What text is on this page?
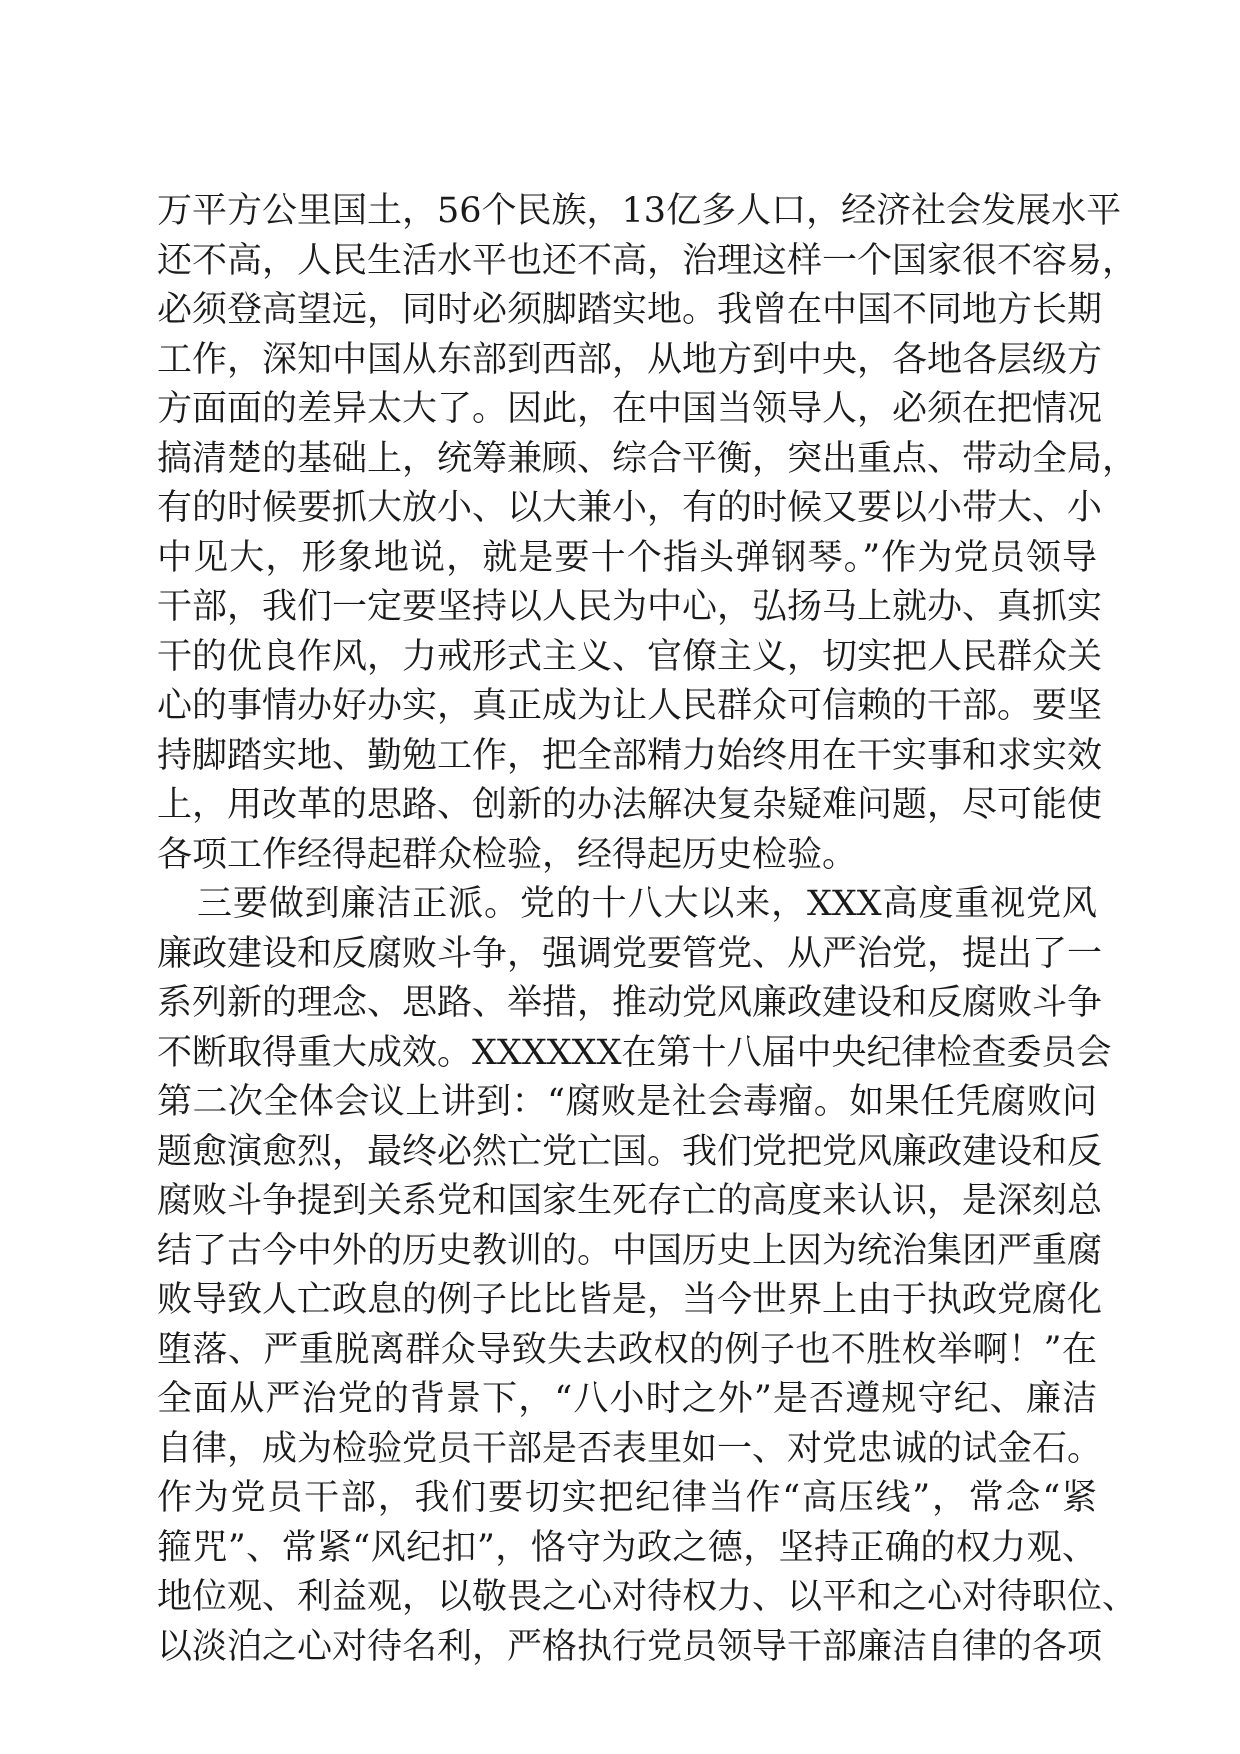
万平方公里国土，56个民族，13亿多人口，经济社会发展水平
还不高，人民生活水平也还不高，治理这样一个国家很不容易，
必须登高望远，同时必须脚踏实地。我曾在中国不同地方长期
工作，深知中国从东部到西部，从地方到中央，各地各层级方
方面面的差异太大了。因此，在中国当领导人，必须在把情况
搞清楚的基础上，统筹兼顾、综合平衡，突出重点、带动全局，
有的时候要抓大放小、以大兼小，有的时候又要以小带大、小
中见大，形象地说，就是要十个指头弹钢琴。”作为党员领导
干部，我们一定要坚持以人民为中心，弘扬马上就办、真抓实
干的优良作风，力戒形式主义、官僚主义，切实把人民群众关
心的事情办好办实，真正成为让人民群众可信赖的干部。要坚
持脚踏实地、勤勉工作，把全部精力始终用在干实事和求实效
上，用改革的思路、创新的办法解决复杂疑难问题，尽可能使
各项工作经得起群众检验，经得起历史检验。
三要做到廉洁正派。党的十八大以来，XXX高度重视党风
廉政建设和反腐败斗争，强调党要管党、从严治党，提出了一
系列新的理念、思路、举措，推动党风廉政建设和反腐败斗争
不断取得重大成效。XXXXXX在第十八届中央纪律检查委员会
第二次全体会议上讲到：“腐败是社会毒瘤。如果任凭腐败问
题愈演愈烈，最终必然亡党亡国。我们党把党风廉政建设和反
腐败斗争提到关系党和国家生死存亡的高度来认识，是深刻总
结了古今中外的历史教训的。中国历史上因为统治集团严重腐
败导致人亡政息的例子比比皆是，当今世界上由于执政党腐化
堕落、严重脱离群众导致失去政权的例子也不胜枚举啊！”在
全面从严治党的背景下，“八小时之外”是否遵规守纪、廉洁
自律，成为检验党员干部是否表里如一、对党忠诚的试金石。
作为党员干部，我们要切实把纪律当作“高压线”，常念“紧
箍咒”、常紧“风纪扣”，恪守为政之德，坚持正确的权力观、
地位观、利益观，以敬畏之心对待权力、以平和之心对待职位、
以淡泊之心对待名利，严格执行党员领导干部廉洁自律的各项
